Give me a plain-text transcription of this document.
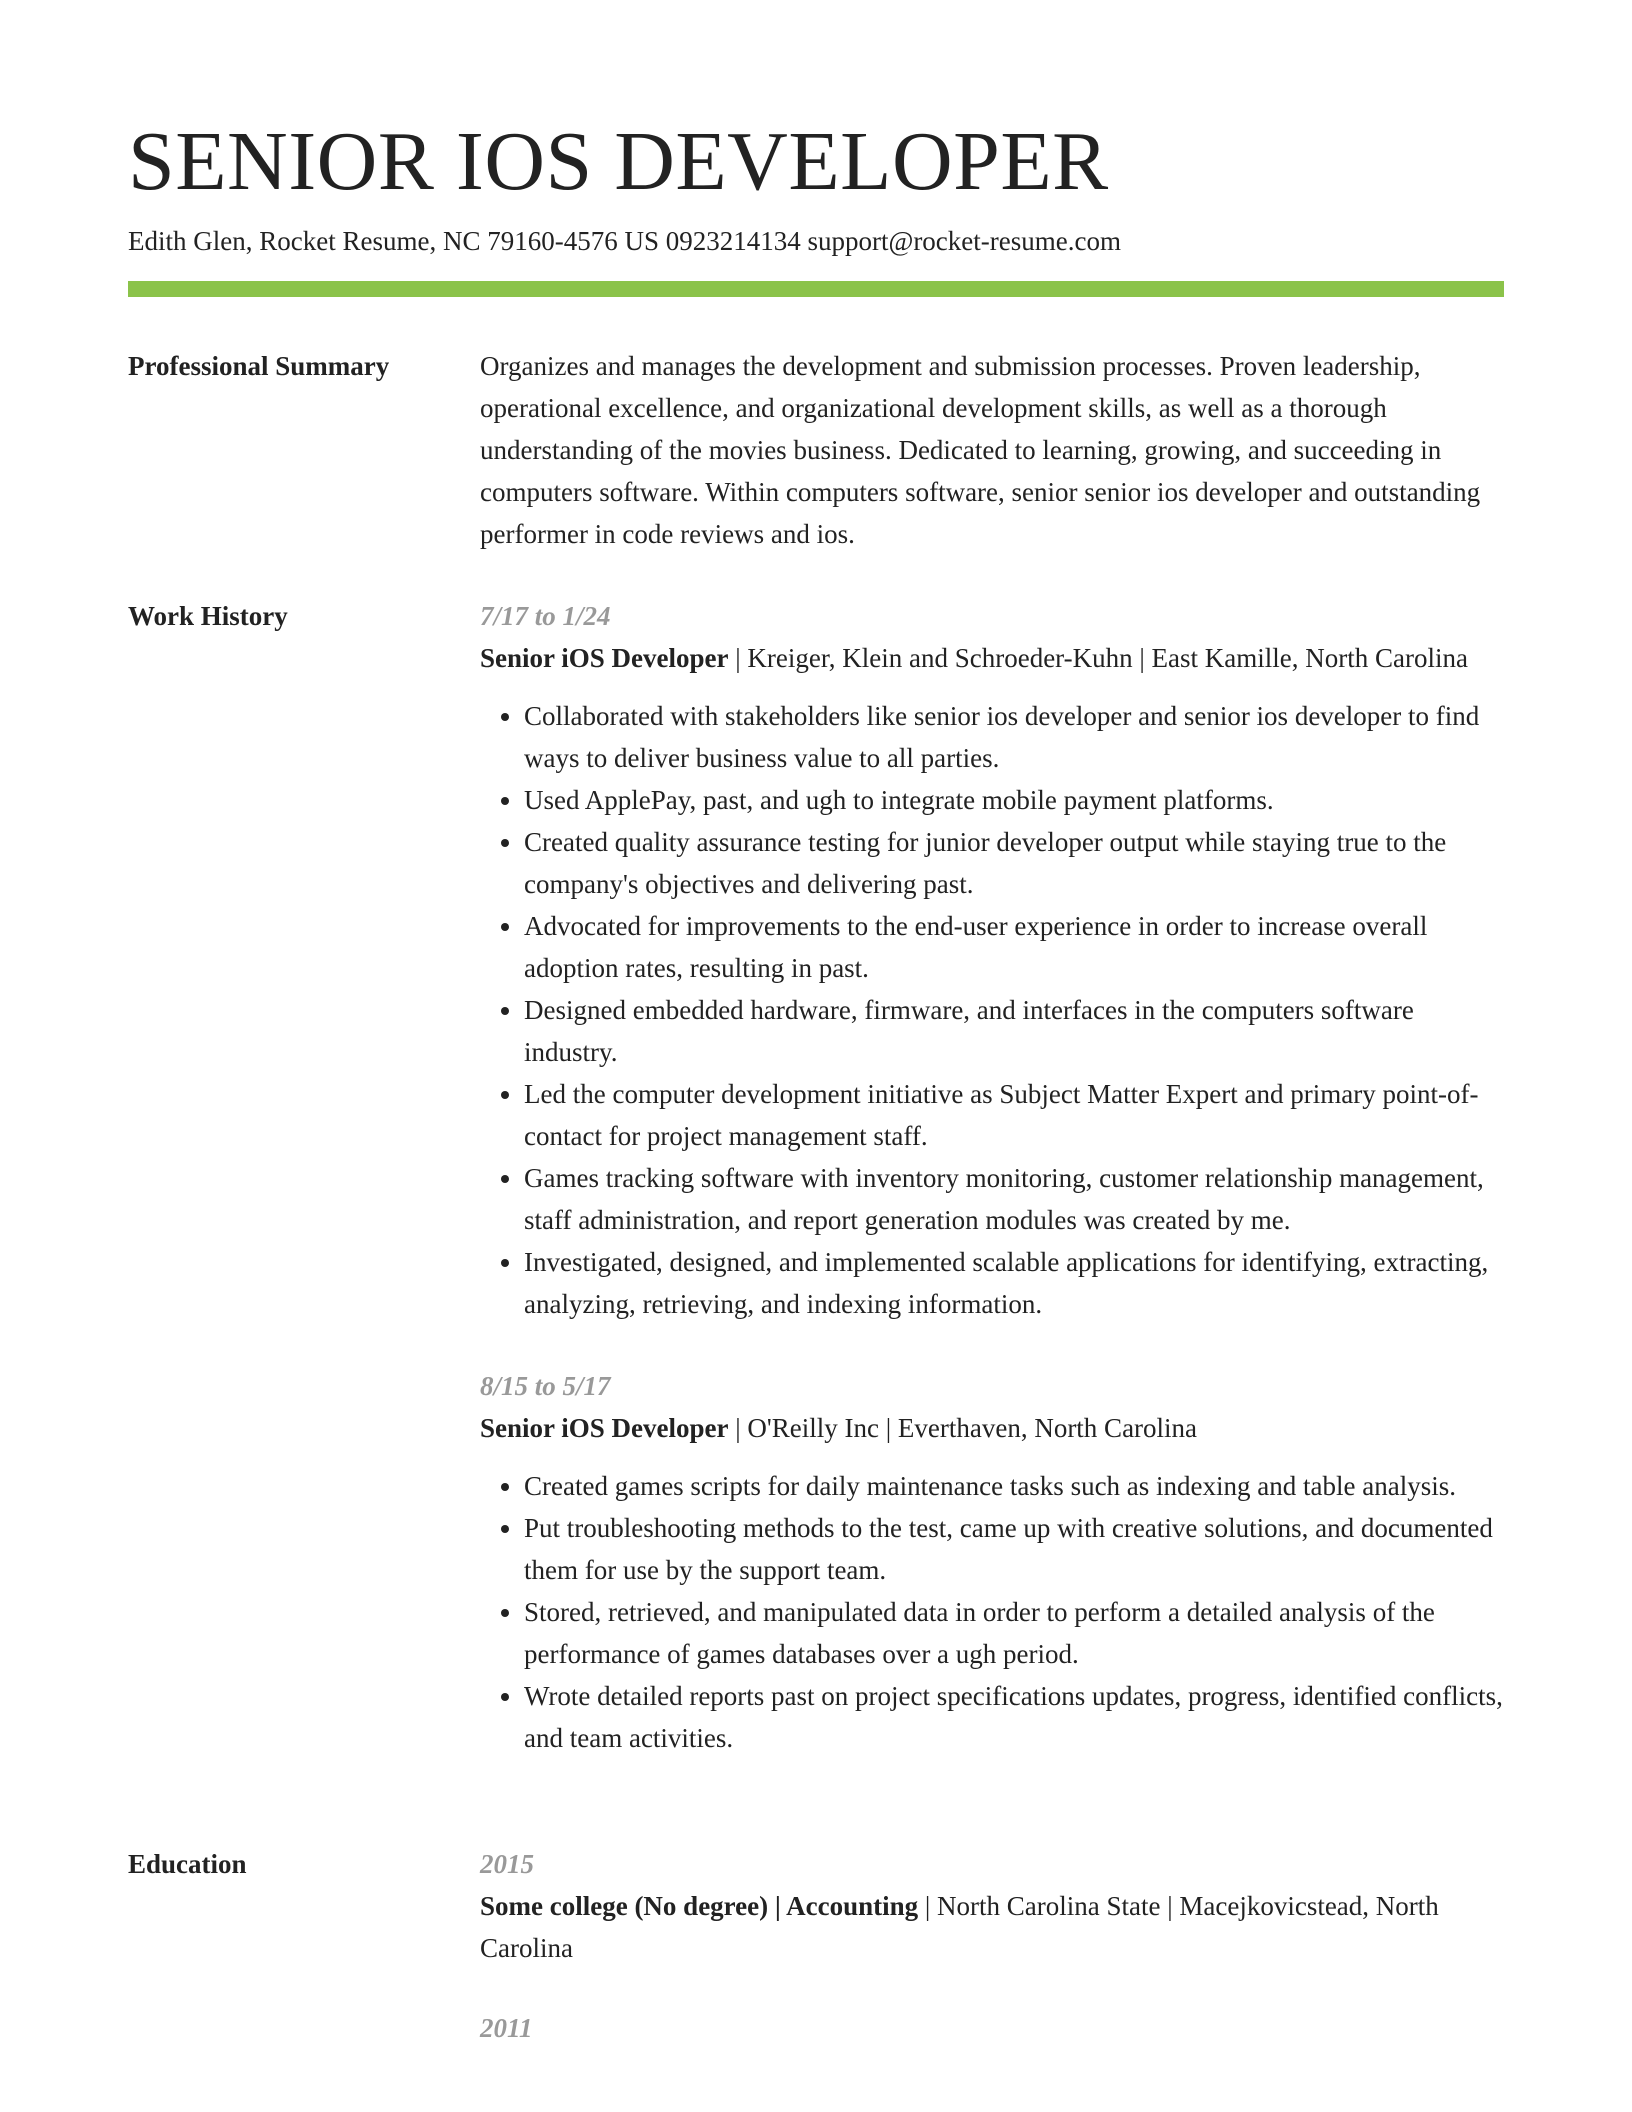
SENIOR IOS DEVELOPER
Edith Glen, Rocket Resume, NC 79160-4576 US 0923214134 support@rocket-resume.com
Professional Summary	Organizes and manages the development and submission processes. Proven leadership, operational excellence, and organizational development skills, as well as a thorough understanding of the movies business. Dedicated to learning, growing, and succeeding in computers software. Within computers software, senior senior ios developer and outstanding performer in code reviews and ios.

Work History	7/17 to 1/24
Senior iOS Developer | Kreiger, Klein and Schroeder-Kuhn | East Kamille, North Carolina
• Collaborated with stakeholders like senior ios developer and senior ios developer to find ways to deliver business value to all parties.
• Used ApplePay, past, and ugh to integrate mobile payment platforms.
• Created quality assurance testing for junior developer output while staying true to the company's objectives and delivering past.
• Advocated for improvements to the end-user experience in order to increase overall adoption rates, resulting in past.
• Designed embedded hardware, firmware, and interfaces in the computers software industry.
• Led the computer development initiative as Subject Matter Expert and primary point-of-contact for project management staff.
• Games tracking software with inventory monitoring, customer relationship management, staff administration, and report generation modules was created by me.
• Investigated, designed, and implemented scalable applications for identifying, extracting, analyzing, retrieving, and indexing information.
8/15 to 5/17
Senior iOS Developer | O'Reilly Inc | Everthaven, North Carolina
• Created games scripts for daily maintenance tasks such as indexing and table analysis.
• Put troubleshooting methods to the test, came up with creative solutions, and documented them for use by the support team.
• Stored, retrieved, and manipulated data in order to perform a detailed analysis of the performance of games databases over a ugh period.
• Wrote detailed reports past on project specifications updates, progress, identified conflicts, and team activities.
Education	2015
Some college (No degree) | Accounting | North Carolina State | Macejkovicstead, North Carolina
2011
